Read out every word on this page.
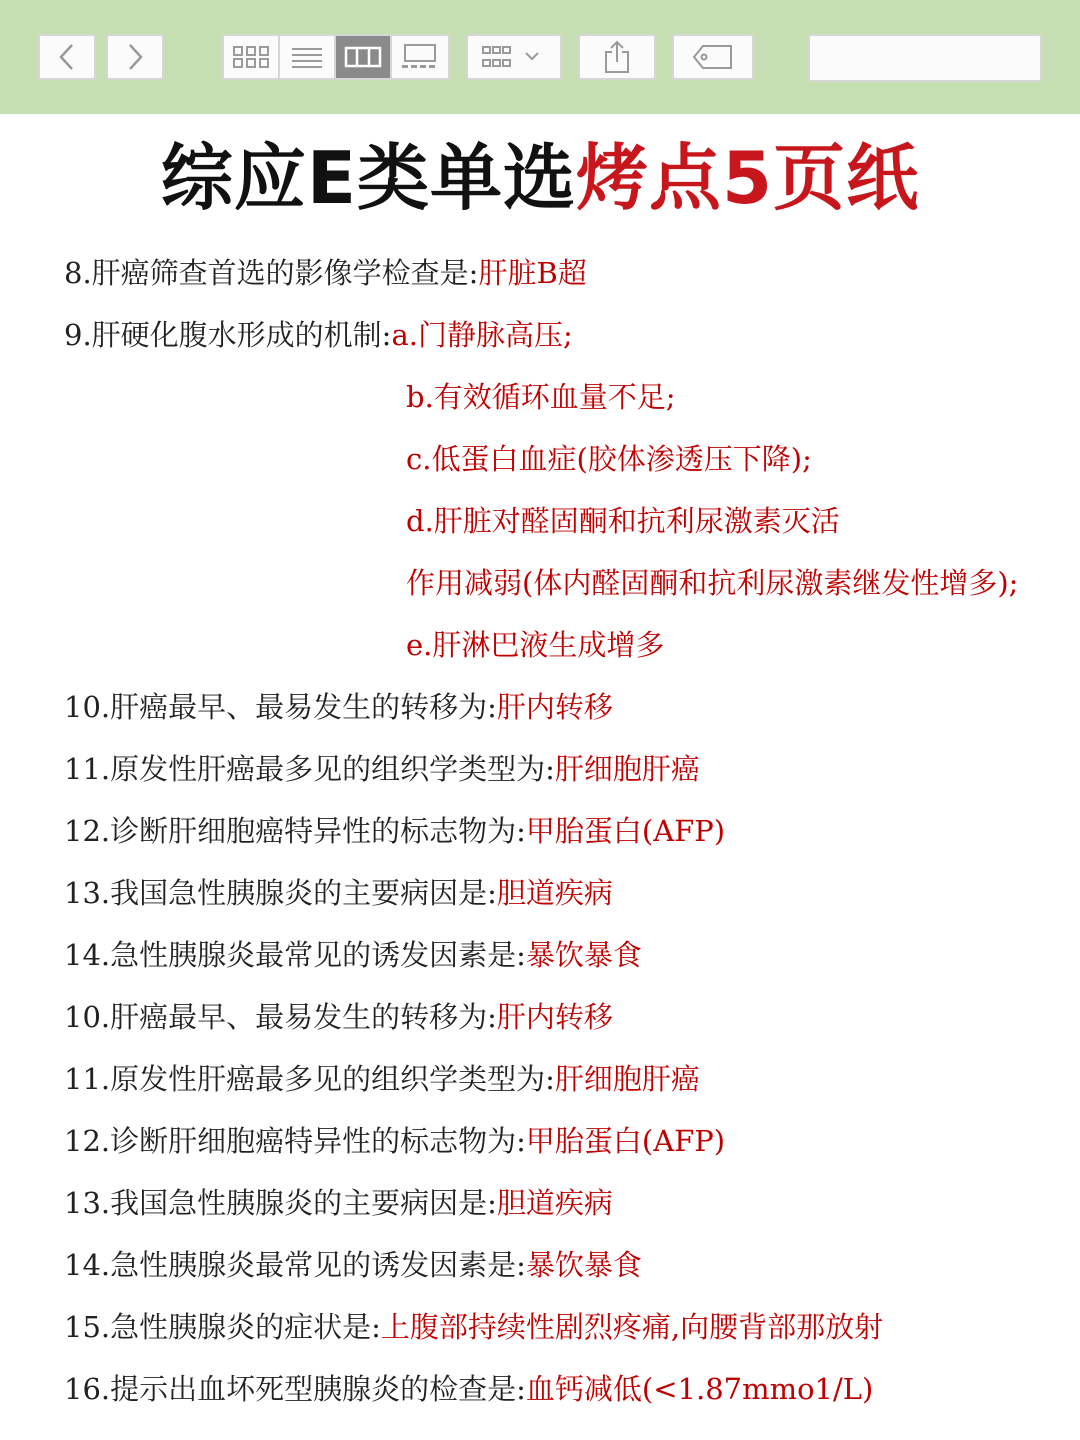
综应E类单选烤点5页纸
8.肝癌筛查首选的影像学检查是:肝脏B超
9.肝硬化腹水形成的机制:a.门静脉高压;
b.有效循环血量不足;
c.低蛋白血症(胶体渗透压下降);
d.肝脏对醛固酮和抗利尿激素灭活
作用减弱(体内醛固酮和抗利尿激素继发性增多);
e.肝淋巴液生成增多
10.肝癌最早、最易发生的转移为:肝内转移
11.原发性肝癌最多见的组织学类型为:肝细胞肝癌
12.诊断肝细胞癌特异性的标志物为:甲胎蛋白(AFP)
13.我国急性胰腺炎的主要病因是:胆道疾病
14.急性胰腺炎最常见的诱发因素是:暴饮暴食
10.肝癌最早、最易发生的转移为:肝内转移
11.原发性肝癌最多见的组织学类型为:肝细胞肝癌
12.诊断肝细胞癌特异性的标志物为:甲胎蛋白(AFP)
13.我国急性胰腺炎的主要病因是:胆道疾病
14.急性胰腺炎最常见的诱发因素是:暴饮暴食
15.急性胰腺炎的症状是:上腹部持续性剧烈疼痛,向腰背部那放射
16.提示出血坏死型胰腺炎的检查是:血钙减低(<1.87mmo1/L)
